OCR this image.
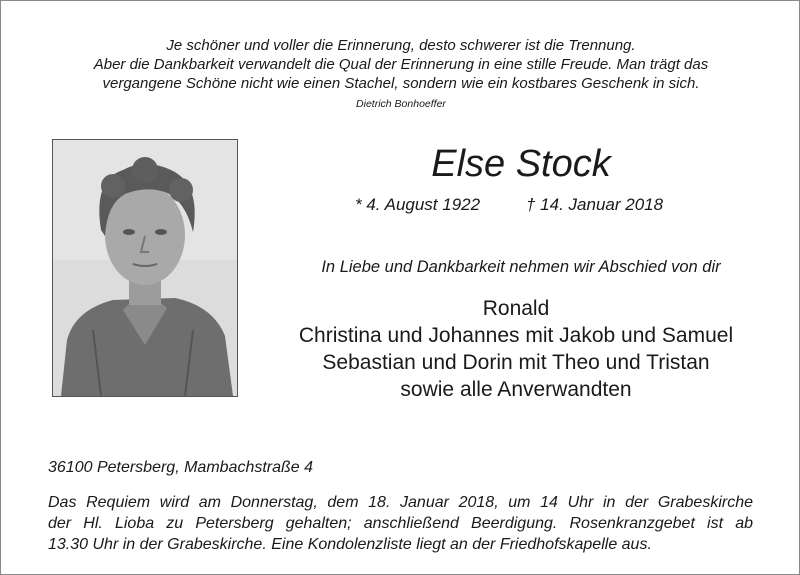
Je schöner und voller die Erinnerung, desto schwerer ist die Trennung.
Aber die Dankbarkeit verwandelt die Qual der Erinnerung in eine stille Freude. Man trägt das
vergangene Schöne nicht wie einen Stachel, sondern wie ein kostbares Geschenk in sich.
Dietrich Bonhoeffer
Else Stock
* 4. August 1922	† 14. Januar 2018
In Liebe und Dankbarkeit nehmen wir Abschied von dir
Ronald
Christina und Johannes mit Jakob und Samuel
Sebastian und Dorin mit Theo und Tristan
sowie alle Anverwandten
36100 Petersberg, Mambachstraße 4
Das Requiem wird am Donnerstag, dem 18. Januar 2018, um 14 Uhr in der Grabeskirche
der Hl. Lioba zu Petersberg gehalten; anschließend Beerdigung. Rosenkranzgebet ist ab
13.30 Uhr in der Grabeskirche. Eine Kondolenzliste liegt an der Friedhofskapelle aus.
